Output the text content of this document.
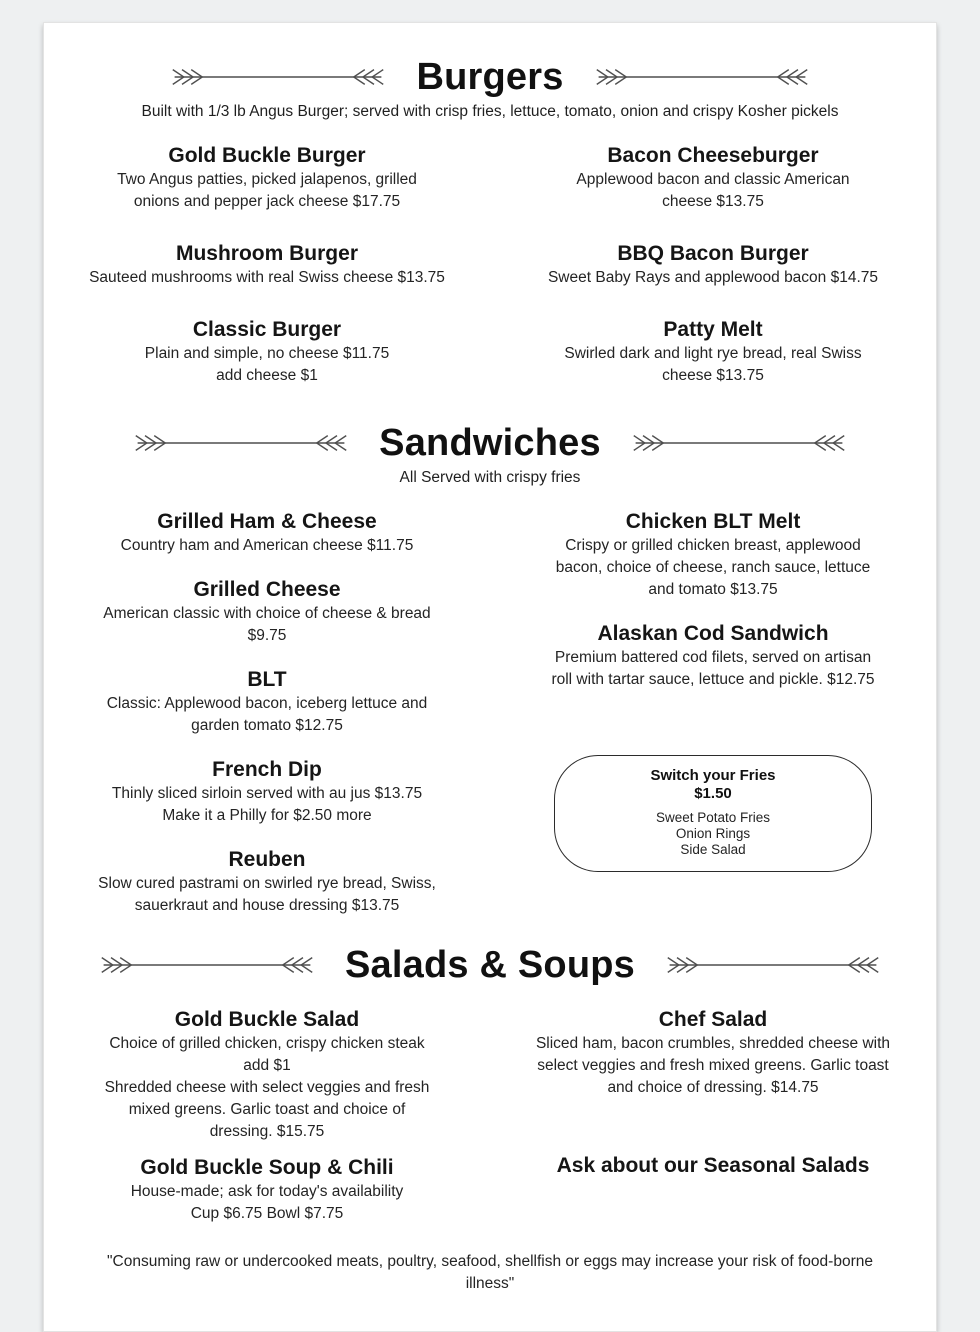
Burgers

Built with 1/3 lb Angus Burger; served with crisp fries, lettuce, tomato, onion and crispy Kosher pickels

Gold Buckle Burger

Two Angus patties, picked jalapenos, grilled onions and pepper jack cheese $17.75

Mushroom Burger

Sauteed mushrooms with real Swiss cheese $13.75

Classic Burger

Plain and simple, no cheese $11.75

add cheese $1

Bacon Cheeseburger

Applewood bacon and classic American cheese $13.75

BBQ Bacon Burger

Sweet Baby Rays and applewood bacon $14.75

Patty Melt

Swirled dark and light rye bread, real Swiss cheese $13.75

Sandwiches

All Served with crispy fries

Grilled Ham & Cheese

Country ham and American cheese $11.75

Grilled Cheese

American classic with choice of cheese & bread $9.75

BLT

Classic: Applewood bacon, iceberg lettuce and garden tomato $12.75

French Dip

Thinly sliced sirloin served with au jus $13.75

Make it a Philly for $2.50 more

Reuben

Slow cured pastrami on swirled rye bread, Swiss, sauerkraut and house dressing $13.75

Chicken BLT Melt

Crispy or grilled chicken breast, applewood bacon, choice of cheese, ranch sauce, lettuce and tomato $13.75

Alaskan Cod Sandwich

Premium battered cod filets, served on artisan roll with tartar sauce, lettuce and pickle. $12.75

Switch your Fries
$1.50
Sweet Potato Fries
Onion Rings
Side Salad
Salads & Soups
Gold Buckle Salad

Choice of grilled chicken, crispy chicken steak add $1

Shredded cheese with select veggies and fresh mixed greens. Garlic toast and choice of dressing. $15.75

Gold Buckle Soup & Chili

House-made; ask for today's availability

Cup $6.75 Bowl $7.75

Chef Salad

Sliced ham, bacon crumbles, shredded cheese with select veggies and fresh mixed greens. Garlic toast and choice of dressing. $14.75

Ask about our Seasonal Salads

"Consuming raw or undercooked meats, poultry, seafood, shellfish or eggs may increase your risk of food-borne illness"
